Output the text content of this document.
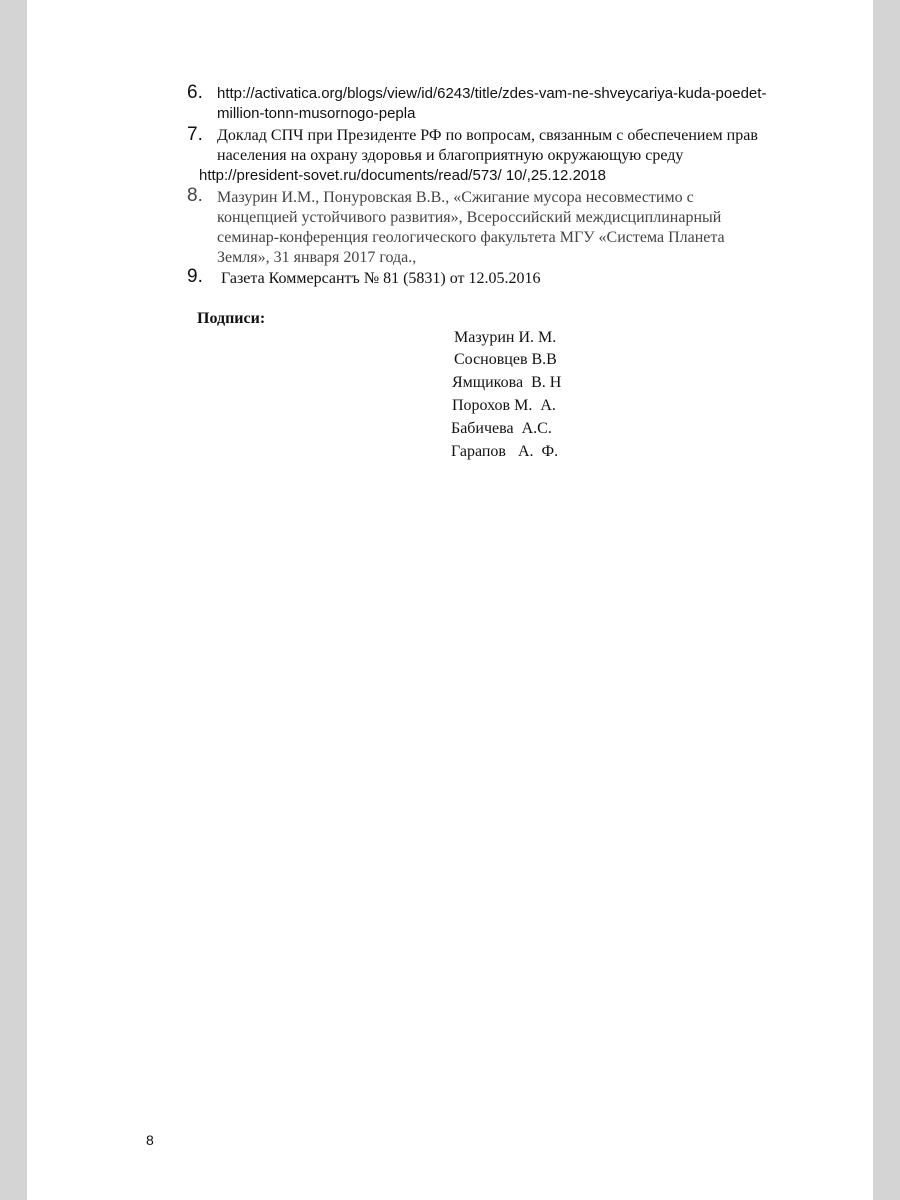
6. http://activatica.org/blogs/view/id/6243/title/zdes-vam-ne-shveycariya-kuda-poedet-
million-tonn-musornogo-pepla
7. Доклад СПЧ при Президенте РФ по вопросам, связанным с обеспечением прав
населения на охрану здоровья и благоприятную окружающую среду
http://president-sovet.ru/documents/read/573/ 10/,25.12.2018
8. Мазурин И.М., Понуровская В.В., «Сжигание мусора несовместимо с
концепцией устойчивого развития», Всероссийский междисциплинарный
семинар-конференция геологического факультета МГУ «Система Планета
Земля», 31 января 2017 года.,
9. Газета Коммерсантъ № 81 (5831) от 12.05.2016
Подписи:
Мазурин И. М.
Сосновцев В.В
Ямщикова  В. Н
Порохов М.  А.
Бабичева  А.С.
Гарапов   А.  Ф.
8
